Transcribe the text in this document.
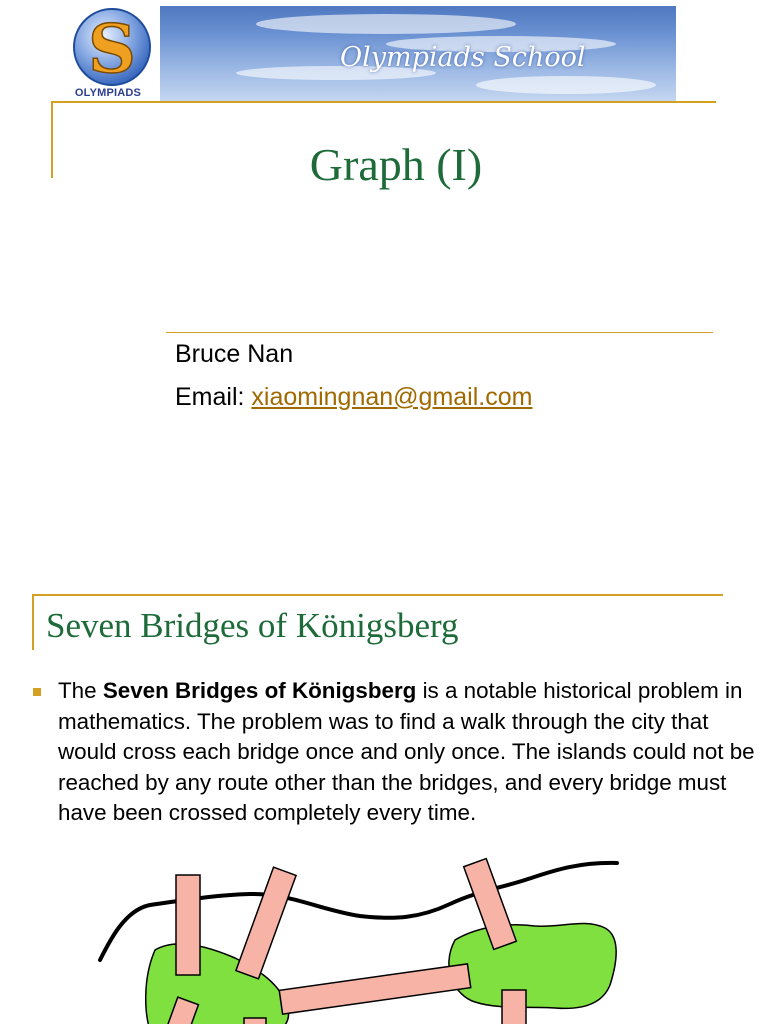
Olympiads School
S
OLYMPIADS
Graph (I)
Bruce Nan
Email: xiaomingnan@gmail.com
Seven Bridges of Königsberg
The Seven Bridges of Königsberg is a notable historical problem in mathematics. The problem was to find a walk through the city that would cross each bridge once and only once. The islands could not be reached by any route other than the bridges, and every bridge must have been crossed completely every time.
